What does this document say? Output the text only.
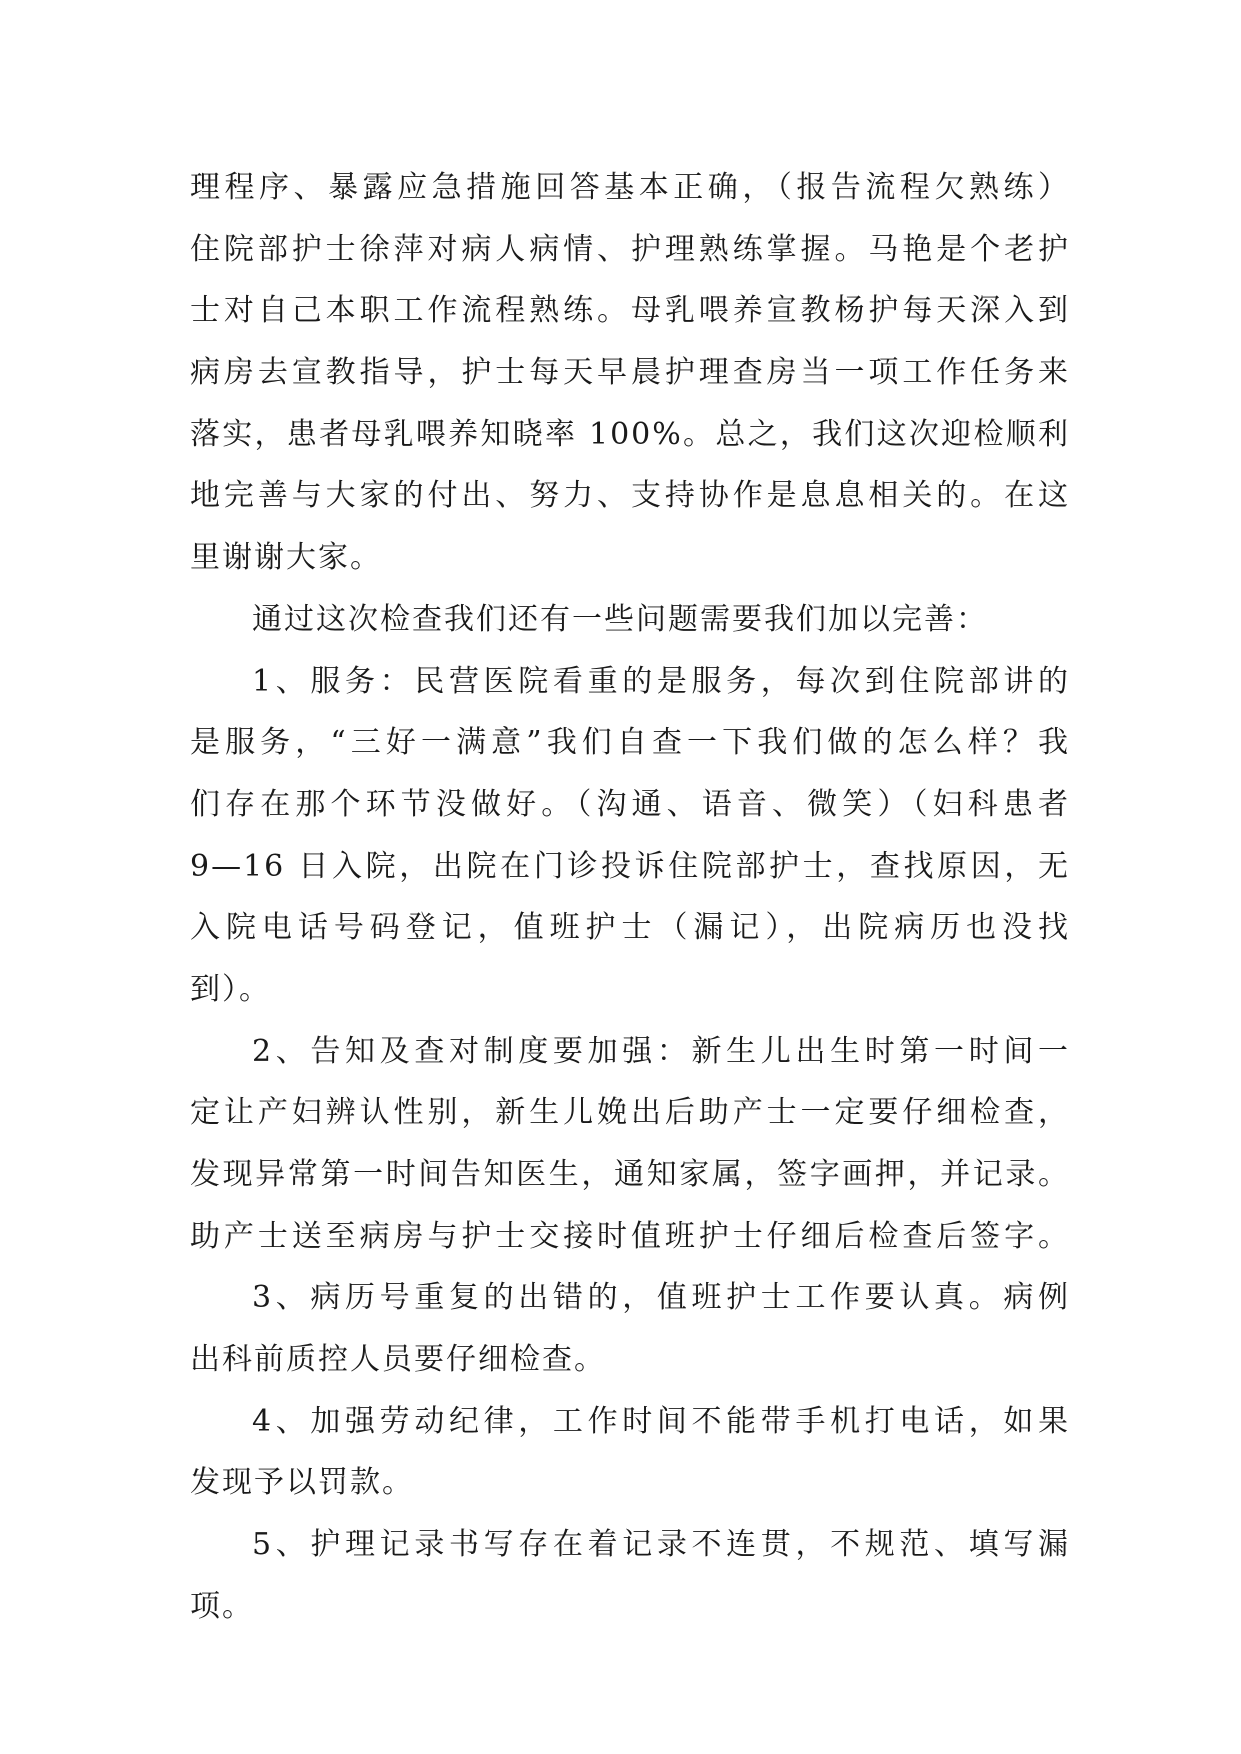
理程序、暴露应急措施回答基本正确，（报告流程欠熟练）
住院部护士徐萍对病人病情、护理熟练掌握。马艳是个老护
士对自己本职工作流程熟练。母乳喂养宣教杨护每天深入到
病房去宣教指导，护士每天早晨护理查房当一项工作任务来
落实，患者母乳喂养知晓率 100%。总之，我们这次迎检顺利
地完善与大家的付出、努力、支持协作是息息相关的。在这
里谢谢大家。
通过这次检查我们还有一些问题需要我们加以完善：
1、服务：民营医院看重的是服务，每次到住院部讲的
是服务，“三好一满意”我们自查一下我们做的怎么样？我
们存在那个环节没做好。（沟通、语音、微笑）（妇科患者
9—16 日入院，出院在门诊投诉住院部护士，查找原因，无
入院电话号码登记，值班护士（漏记），出院病历也没找
到）。
2、告知及查对制度要加强：新生儿出生时第一时间一
定让产妇辨认性别，新生儿娩出后助产士一定要仔细检查，
发现异常第一时间告知医生，通知家属，签字画押，并记录。
助产士送至病房与护士交接时值班护士仔细后检查后签字。
3、病历号重复的出错的，值班护士工作要认真。病例
出科前质控人员要仔细检查。
4、加强劳动纪律，工作时间不能带手机打电话，如果
发现予以罚款。
5、护理记录书写存在着记录不连贯，不规范、填写漏
项。
